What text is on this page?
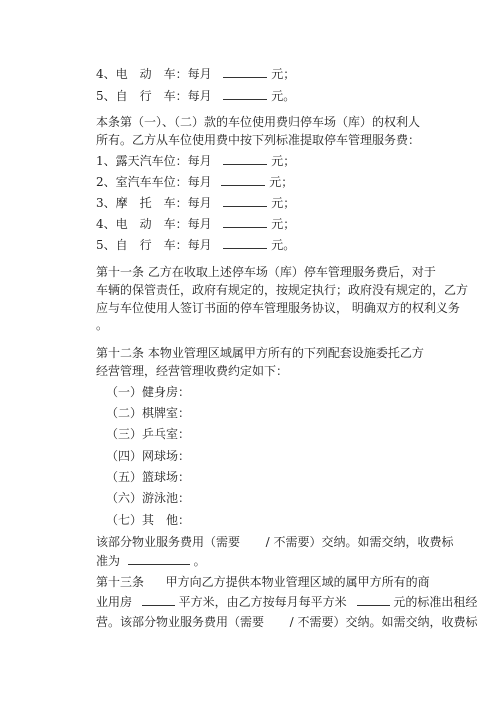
4、电　动　车：每月	元；
5、自　行　车：每月	元。
本条第（一）、（二）款的车位使用费归停车场（库）的权利人
所有。乙方从车位使用费中按下列标准提取停车管理服务费：
1、露天汽车位：每月	元；
2、室汽车车位：每月	元；
3、摩　托　车：每月	元；
4、电　动　车：每月	元；
5、自　行　车：每月	元。
第十一条 乙方在收取上述停车场（库）停车管理服务费后，对于
车辆的保管责任，政府有规定的，按规定执行；政府没有规定的，乙方
应与车位使用人签订书面的停车管理服务协议， 明确双方的权利义务
。
第十二条 本物业管理区域属甲方所有的下列配套设施委托乙方
经营管理，经营管理收费约定如下：
（一）健身房：
（二）棋牌室：
（三）乒乓室：
（四）网球场：
（五）篮球场：
（六）游泳池：
（七）其　他：
该部分物业服务费用（需要 / 不需要）交纳。如需交纳，收费标
准为	。
第十三条 甲方向乙方提供本物业管理区域的属甲方所有的商
业用房	平方米，由乙方按每月每平方米	元的标准出租经
营。该部分物业服务费用（需要 / 不需要）交纳。如需交纳，收费标
